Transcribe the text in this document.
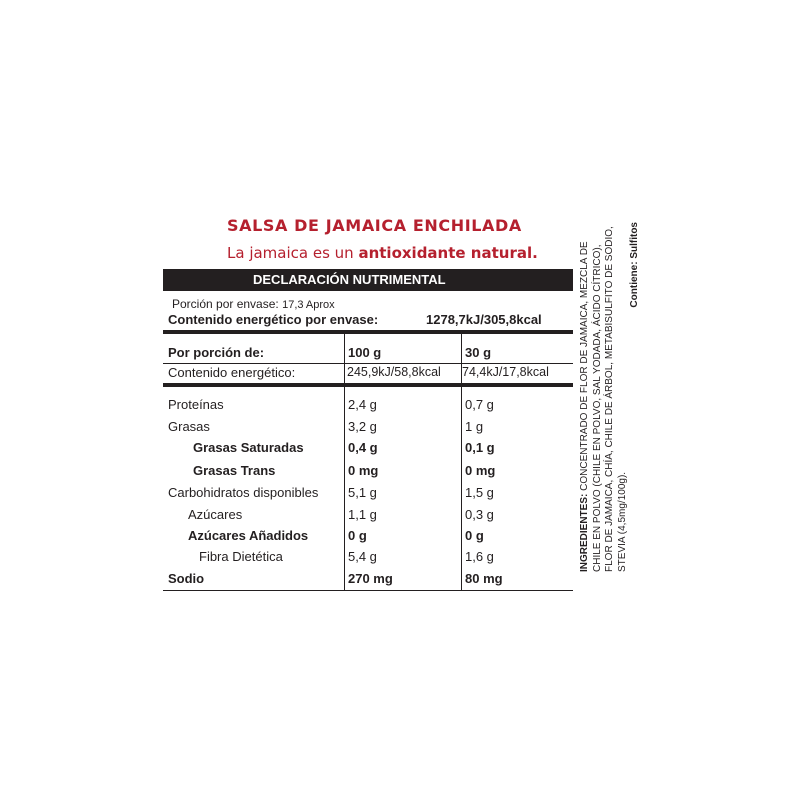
SALSA DE JAMAICA ENCHILADA
La jamaica es un antioxidante natural.
DECLARACIÓN NUTRIMENTAL
Porción por envase: 17,3 Aprox
Contenido energético por envase:	1278,7kJ/305,8kcal
Por porción de:	100 g	30 g
Contenido energético:	245,9kJ/58,8kcal 74,4kJ/17,8kcal
Proteínas	2,4 g	0,7 g
Grasas	3,2 g	1 g
Grasas Saturadas	0,4 g	0,1 g
Grasas Trans	0 mg	0 mg
Carbohidratos disponibles 5,1 g	1,5 g
Azúcares	1,1 g	0,3 g
Azúcares Añadidos	0 g	0 g
Fibra Dietética	5,4 g	1,6 g
Sodio	270 mg	80 mg
INGREDIENTES: CONCENTRADO DE FLOR DE JAMAICA, MEZCLA DE CHILE EN POLVO (CHILE EN POLVO, SAL YODADA, ÁCIDO CÍTRICO), FLOR DE JAMAICA, CHÍA, CHILE DE ÁRBOL, METABISULFITO DE SODIO, STEVIA (4,5mg/100g).
Contiene: Sulfitos
